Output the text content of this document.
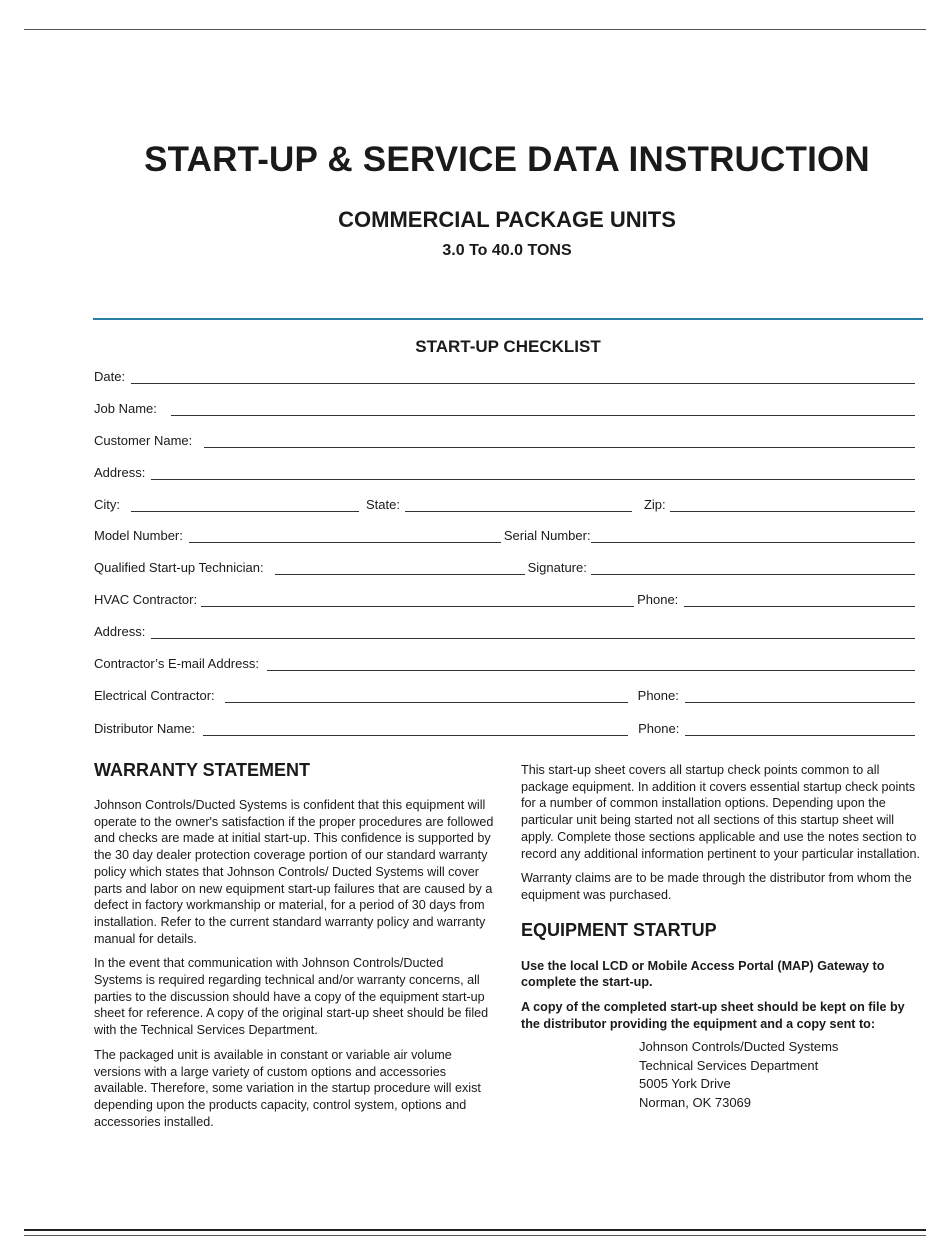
START-UP & SERVICE DATA INSTRUCTION
COMMERCIAL PACKAGE UNITS
3.0 To 40.0 TONS
START-UP CHECKLIST
Date:
Job Name:
Customer Name:
Address:
City:	State:	Zip:
Model Number:	Serial Number:
Qualified Start-up Technician:	Signature:
HVAC Contractor:	Phone:
Address:
Contractor’s E-mail Address:
Electrical Contractor:	Phone:
Distributor Name:	Phone:
WARRANTY STATEMENT

Johnson Controls/Ducted Systems is confident that this equipment will operate to the owner's satisfaction if the proper procedures are followed and checks are made at initial start-up. This confidence is supported by the 30 day dealer protection coverage portion of our standard warranty policy which states that Johnson Controls/ Ducted Systems will cover parts and labor on new equipment start-up failures that are caused by a defect in factory workmanship or material, for a period of 30 days from installation. Refer to the current standard warranty policy and warranty manual for details.

In the event that communication with Johnson Controls/Ducted Systems is required regarding technical and/or warranty concerns, all parties to the discussion should have a copy of the equipment start-up sheet for reference. A copy of the original start-up sheet should be filed with the Technical Services Department.

The packaged unit is available in constant or variable air volume versions with a large variety of custom options and accessories available. Therefore, some variation in the startup procedure will exist depending upon the products capacity, control system, options and accessories installed.

This start-up sheet covers all startup check points common to all package equipment. In addition it covers essential startup check points for a number of common installation options. Depending upon the particular unit being started not all sections of this startup sheet will apply. Complete those sections applicable and use the notes section to record any additional information pertinent to your particular installation.

Warranty claims are to be made through the distributor from whom the equipment was purchased.

EQUIPMENT STARTUP

Use the local LCD or Mobile Access Portal (MAP) Gateway to complete the start-up.

A copy of the completed start-up sheet should be kept on file by the distributor providing the equipment and a copy sent to:

Johnson Controls/Ducted Systems
Technical Services Department
5005 York Drive
Norman, OK 73069
